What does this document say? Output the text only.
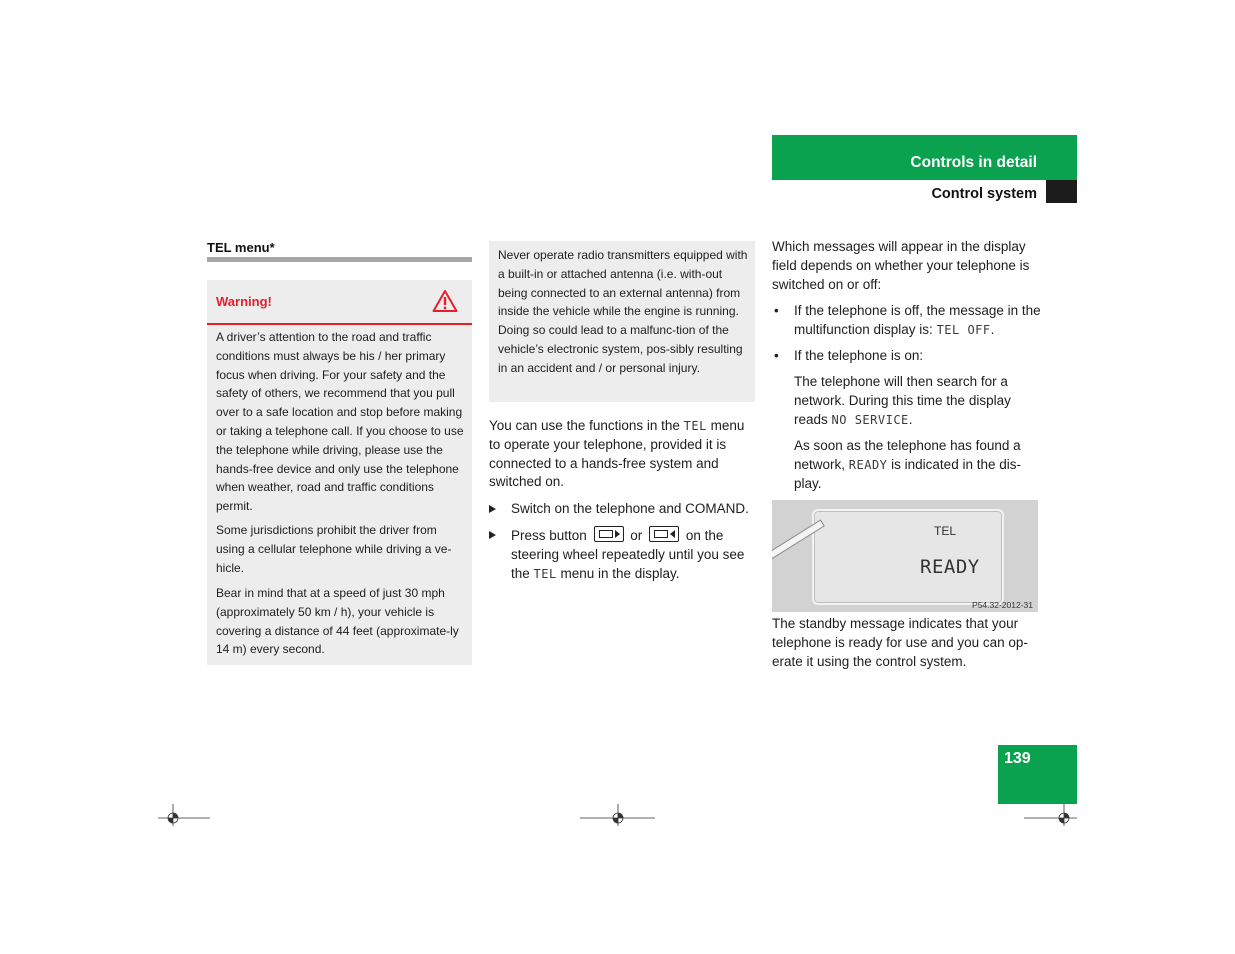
Controls in detail
Control system
TEL menu*
Warning!
A driver’s attention to the road and traffic conditions must always be his / her primary focus when driving. For your safety and the safety of others, we recommend that you pull over to a safe location and stop before making or taking a telephone call. If you choose to use the telephone while driving, please use the hands-free device and only use the telephone when weather, road and traffic conditions permit.
Some jurisdictions prohibit the driver from using a cellular telephone while driving a ve-hicle.
Bear in mind that at a speed of just 30 mph (approximately 50 km / h), your vehicle is covering a distance of 44 feet (approximate-ly 14 m) every second.
Never operate radio transmitters equipped with a built-in or attached antenna (i.e. with-out being connected to an external antenna) from inside the vehicle while the engine is running. Doing so could lead to a malfunc-tion of the vehicle’s electronic system, pos-sibly resulting in an accident and / or personal injury.
You can use the functions in the TEL menu to operate your telephone, provided it is connected to a hands-free system and switched on.
Switch on the telephone and COMAND.
Press button	or	on the steering wheel repeatedly until you see the TEL menu in the display.
Which messages will appear in the display field depends on whether your telephone is switched on or off:
• If the telephone is off, the message in the multifunction display is: TEL OFF.
• If the telephone is on:
The telephone will then search for a network. During this time the display reads NO SERVICE.
As soon as the telephone has found a network, READY is indicated in the dis-play.
TEL
READY
P54.32-2012-31
The standby message indicates that your telephone is ready for use and you can op-erate it using the control system.
139
